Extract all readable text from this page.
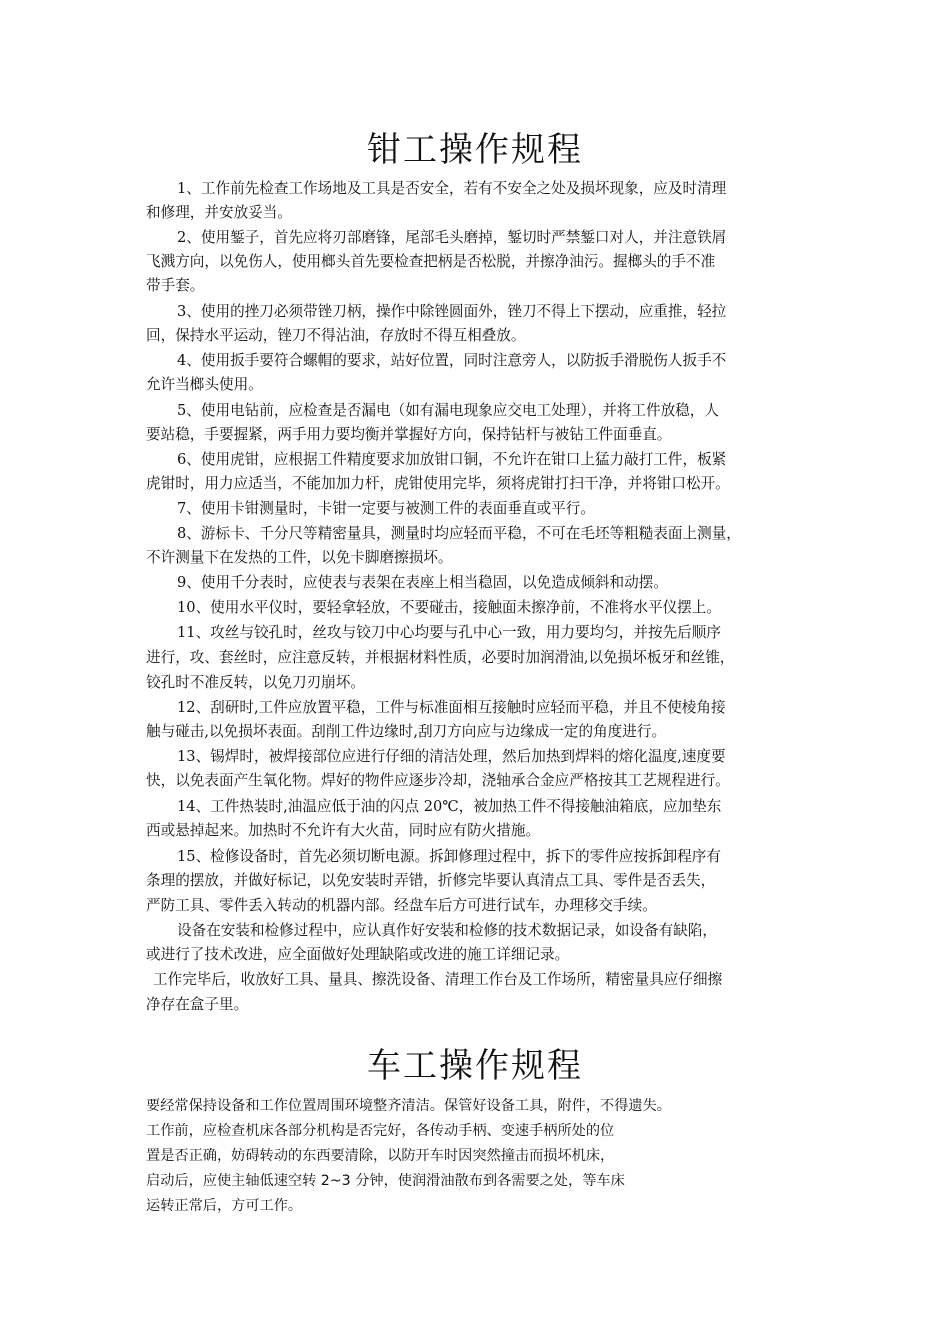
钳工操作规程
1、工作前先检查工作场地及工具是否安全，若有不安全之处及损坏现象，应及时清理
和修理，并安放妥当。
2、使用錾子，首先应将刃部磨锋，尾部毛头磨掉，錾切时严禁錾口对人，并注意铁屑
飞溅方向，以免伤人，使用榔头首先要检查把柄是否松脱，并擦净油污。握榔头的手不准
带手套。
3、使用的挫刀必须带锉刀柄，操作中除锉圆面外，锉刀不得上下摆动，应重推，轻拉
回，保持水平运动，锉刀不得沾油，存放时不得互相叠放。
4、使用扳手要符合螺帽的要求，站好位置，同时注意旁人，以防扳手滑脱伤人扳手不
允许当榔头使用。
5、使用电钻前，应检查是否漏电（如有漏电现象应交电工处理），并将工件放稳，人
要站稳，手要握紧，两手用力要均衡并掌握好方向，保持钻杆与被钻工件面垂直。
6、使用虎钳，应根据工件精度要求加放钳口铜，不允许在钳口上猛力敲打工件，板紧
虎钳时，用力应适当，不能加加力杆，虎钳使用完毕，须将虎钳打扫干净，并将钳口松开。
7、使用卡钳测量时，卡钳一定要与被测工件的表面垂直或平行。
8、游标卡、千分尺等精密量具，测量时均应轻而平稳，不可在毛坯等粗糙表面上测量，
不许测量下在发热的工件，以免卡脚磨擦损坏。
9、使用千分表时，应使表与表架在表座上相当稳固，以免造成倾斜和动摆。
10、使用水平仪时，要轻拿轻放，不要碰击，接触面未擦净前，不准将水平仪摆上。
11、攻丝与铰孔时，丝攻与铰刀中心均要与孔中心一致，用力要均匀，并按先后顺序
进行，攻、套丝时，应注意反转，并根据材料性质，必要时加润滑油,以免损坏板牙和丝锥，
铰孔时不准反转，以免刀刃崩坏。
12、刮研时,工件应放置平稳，工件与标准面相互接触时应轻而平稳，并且不使棱角接
触与碰击,以免损坏表面。刮削工件边缘时,刮刀方向应与边缘成一定的角度进行。
13、锡焊时，被焊接部位应进行仔细的清洁处理，然后加热到焊料的熔化温度,速度要
快，以免表面产生氧化物。焊好的物件应逐步冷却，浇轴承合金应严格按其工艺规程进行。
14、工件热装时,油温应低于油的闪点 20℃，被加热工件不得接触油箱底，应加垫东
西或悬掉起来。加热时不允许有大火苗，同时应有防火措施。
15、检修设备时，首先必须切断电源。拆卸修理过程中，拆下的零件应按拆卸程序有
条理的摆放，并做好标记，以免安装时弄错，折修完毕要认真清点工具、零件是否丢失，
严防工具、零件丢入转动的机器内部。经盘车后方可进行试车，办理移交手续。
设备在安装和检修过程中，应认真作好安装和检修的技术数据记录，如设备有缺陷，
或进行了技术改进，应全面做好处理缺陷或改进的施工详细记录。
工作完毕后，收放好工具、量具、擦洗设备、清理工作台及工作场所，精密量具应仔细擦
净存在盒子里。
车工操作规程
要经常保持设备和工作位置周围环境整齐清洁。保管好设备工具，附件，不得遗失。
工作前，应检查机床各部分机构是否完好，各传动手柄、变速手柄所处的位
置是否正确，妨碍转动的东西要清除，以防开车时因突然撞击而损坏机床，
启动后，应使主轴低速空转 2~3 分钟，使润滑油散布到各需要之处，等车床
运转正常后，方可工作。
